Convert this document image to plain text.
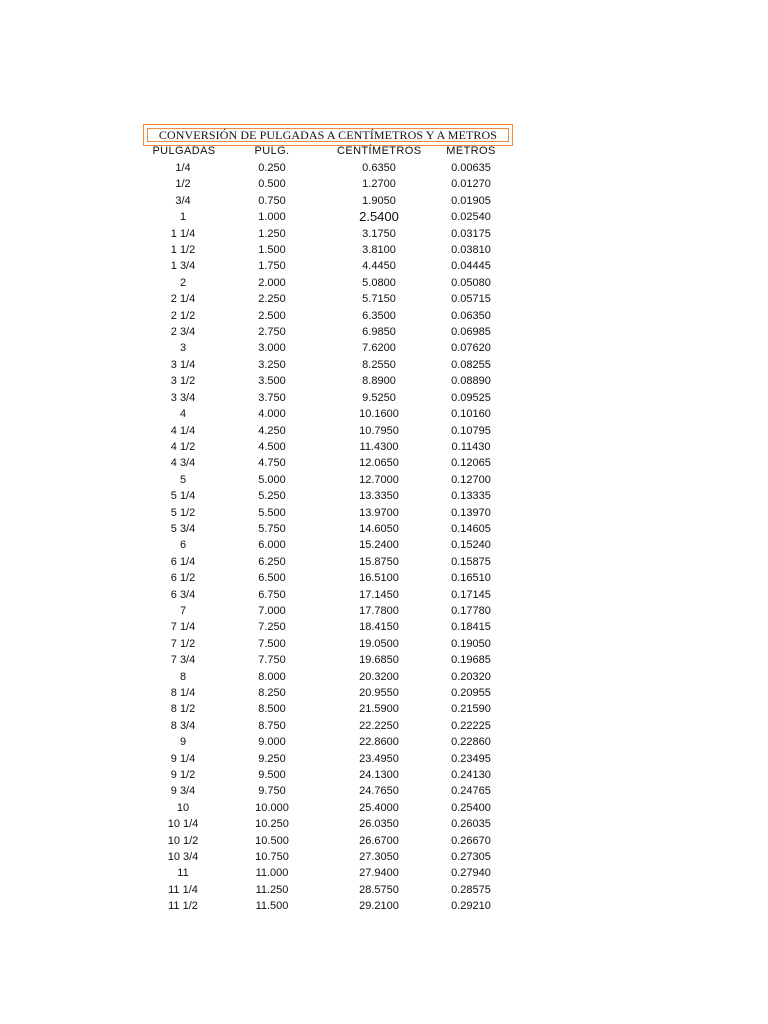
CONVERSIÓN DE PULGADAS A CENTÍMETROS Y A METROS
PULGADAS	PULG.	CENTÍMETROS	METROS
1/4	0.250	0.6350	0.00635
1/2	0.500	1.2700	0.01270
3/4	0.750	1.9050	0.01905
1	1.000	2.5400	0.02540
1 1/4	1.250	3.1750	0.03175
1 1/2	1.500	3.8100	0.03810
1 3/4	1.750	4.4450	0.04445
2	2.000	5.0800	0.05080
2 1/4	2.250	5.7150	0.05715
2 1/2	2.500	6.3500	0.06350
2 3/4	2.750	6.9850	0.06985
3	3.000	7.6200	0.07620
3 1/4	3.250	8.2550	0.08255
3 1/2	3.500	8.8900	0.08890
3 3/4	3.750	9.5250	0.09525
4	4.000	10.1600	0.10160
4 1/4	4.250	10.7950	0.10795
4 1/2	4.500	11.4300	0.11430
4 3/4	4.750	12.0650	0.12065
5	5.000	12.7000	0.12700
5 1/4	5.250	13.3350	0.13335
5 1/2	5.500	13.9700	0.13970
5 3/4	5.750	14.6050	0.14605
6	6.000	15.2400	0.15240
6 1/4	6.250	15.8750	0.15875
6 1/2	6.500	16.5100	0.16510
6 3/4	6.750	17.1450	0.17145
7	7.000	17.7800	0.17780
7 1/4	7.250	18.4150	0.18415
7 1/2	7.500	19.0500	0.19050
7 3/4	7.750	19.6850	0.19685
8	8.000	20.3200	0.20320
8 1/4	8.250	20.9550	0.20955
8 1/2	8.500	21.5900	0.21590
8 3/4	8.750	22.2250	0.22225
9	9.000	22.8600	0.22860
9 1/4	9.250	23.4950	0.23495
9 1/2	9.500	24.1300	0.24130
9 3/4	9.750	24.7650	0.24765
10	10.000	25.4000	0.25400
10 1/4	10.250	26.0350	0.26035
10 1/2	10.500	26.6700	0.26670
10 3/4	10.750	27.3050	0.27305
11	11.000	27.9400	0.27940
11 1/4	11.250	28.5750	0.28575
11 1/2	11.500	29.2100	0.29210
